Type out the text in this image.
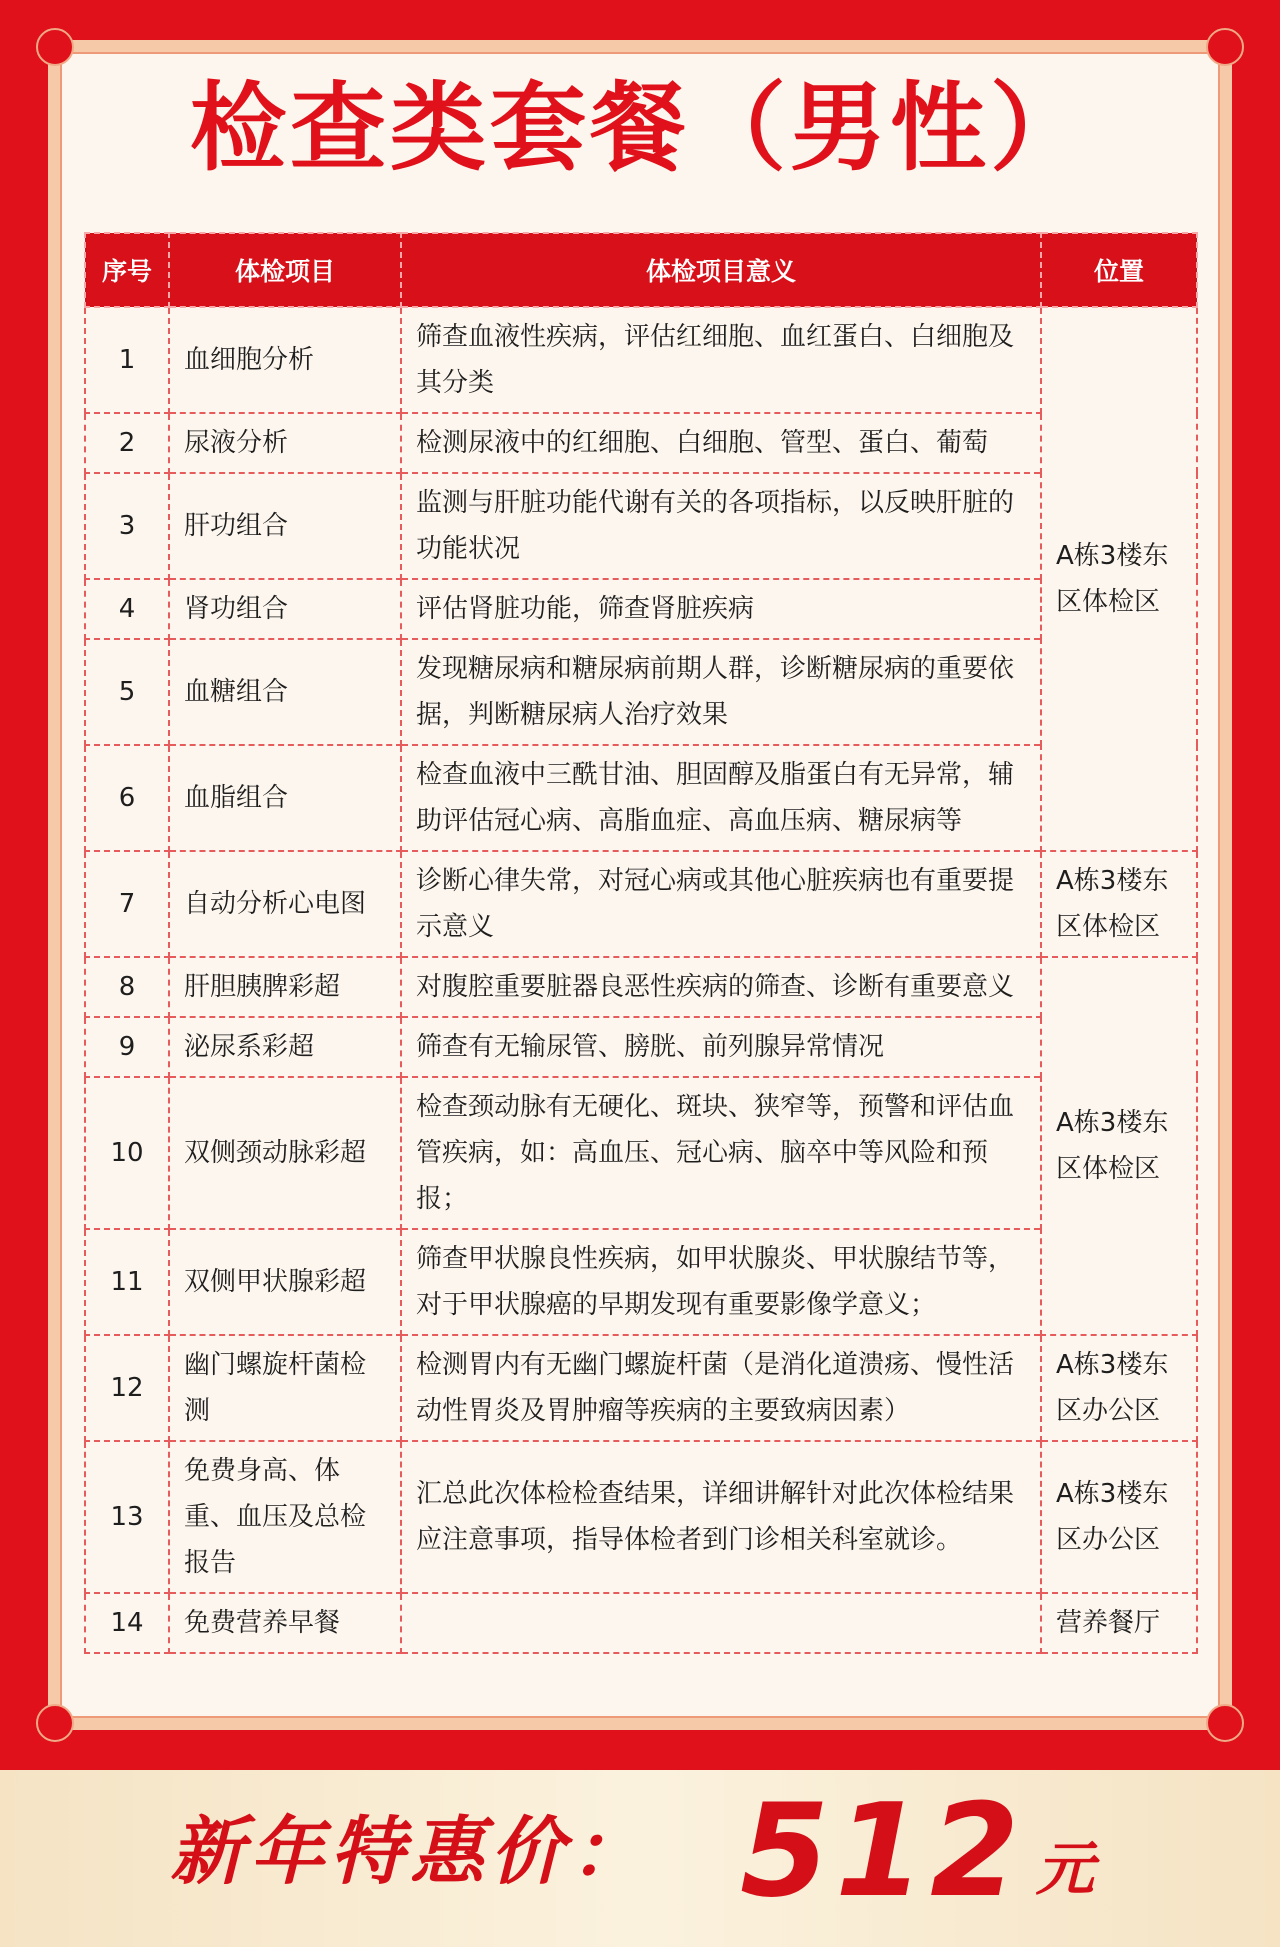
检查类套餐（男性）
序号	体检项目	体检项目意义	位置
1	血细胞分析	筛查血液性疾病，评估红细胞、血红蛋白、白细胞及其分类	A栋3楼东区体检区
2	尿液分析	检测尿液中的红细胞、白细胞、管型、蛋白、葡萄	
3	肝功组合	监测与肝脏功能代谢有关的各项指标，以反映肝脏的功能状况	
4	肾功组合	评估肾脏功能，筛查肾脏疾病	
5	血糖组合	发现糖尿病和糖尿病前期人群，诊断糖尿病的重要依据，判断糖尿病人治疗效果	
6	血脂组合	检查血液中三酰甘油、胆固醇及脂蛋白有无异常，辅助评估冠心病、高脂血症、高血压病、糖尿病等	
7	自动分析心电图	诊断心律失常，对冠心病或其他心脏疾病也有重要提示意义	A栋3楼东区体检区
8	肝胆胰脾彩超	对腹腔重要脏器良恶性疾病的筛查、诊断有重要意义	A栋3楼东区体检区
9	泌尿系彩超	筛查有无输尿管、膀胱、前列腺异常情况	
10	双侧颈动脉彩超	检查颈动脉有无硬化、斑块、狭窄等，预警和评估血管疾病，如：高血压、冠心病、脑卒中等风险和预报；	
11	双侧甲状腺彩超	筛查甲状腺良性疾病，如甲状腺炎、甲状腺结节等，对于甲状腺癌的早期发现有重要影像学意义；	
12	幽门螺旋杆菌检测	检测胃内有无幽门螺旋杆菌（是消化道溃疡、慢性活动性胃炎及胃肿瘤等疾病的主要致病因素）	A栋3楼东区办公区
13	免费身高、体重、血压及总检报告	汇总此次体检检查结果，详细讲解针对此次体检结果应注意事项，指导体检者到门诊相关科室就诊。	A栋3楼东区办公区
14	免费营养早餐		营养餐厅
新年特惠价： 512 元
